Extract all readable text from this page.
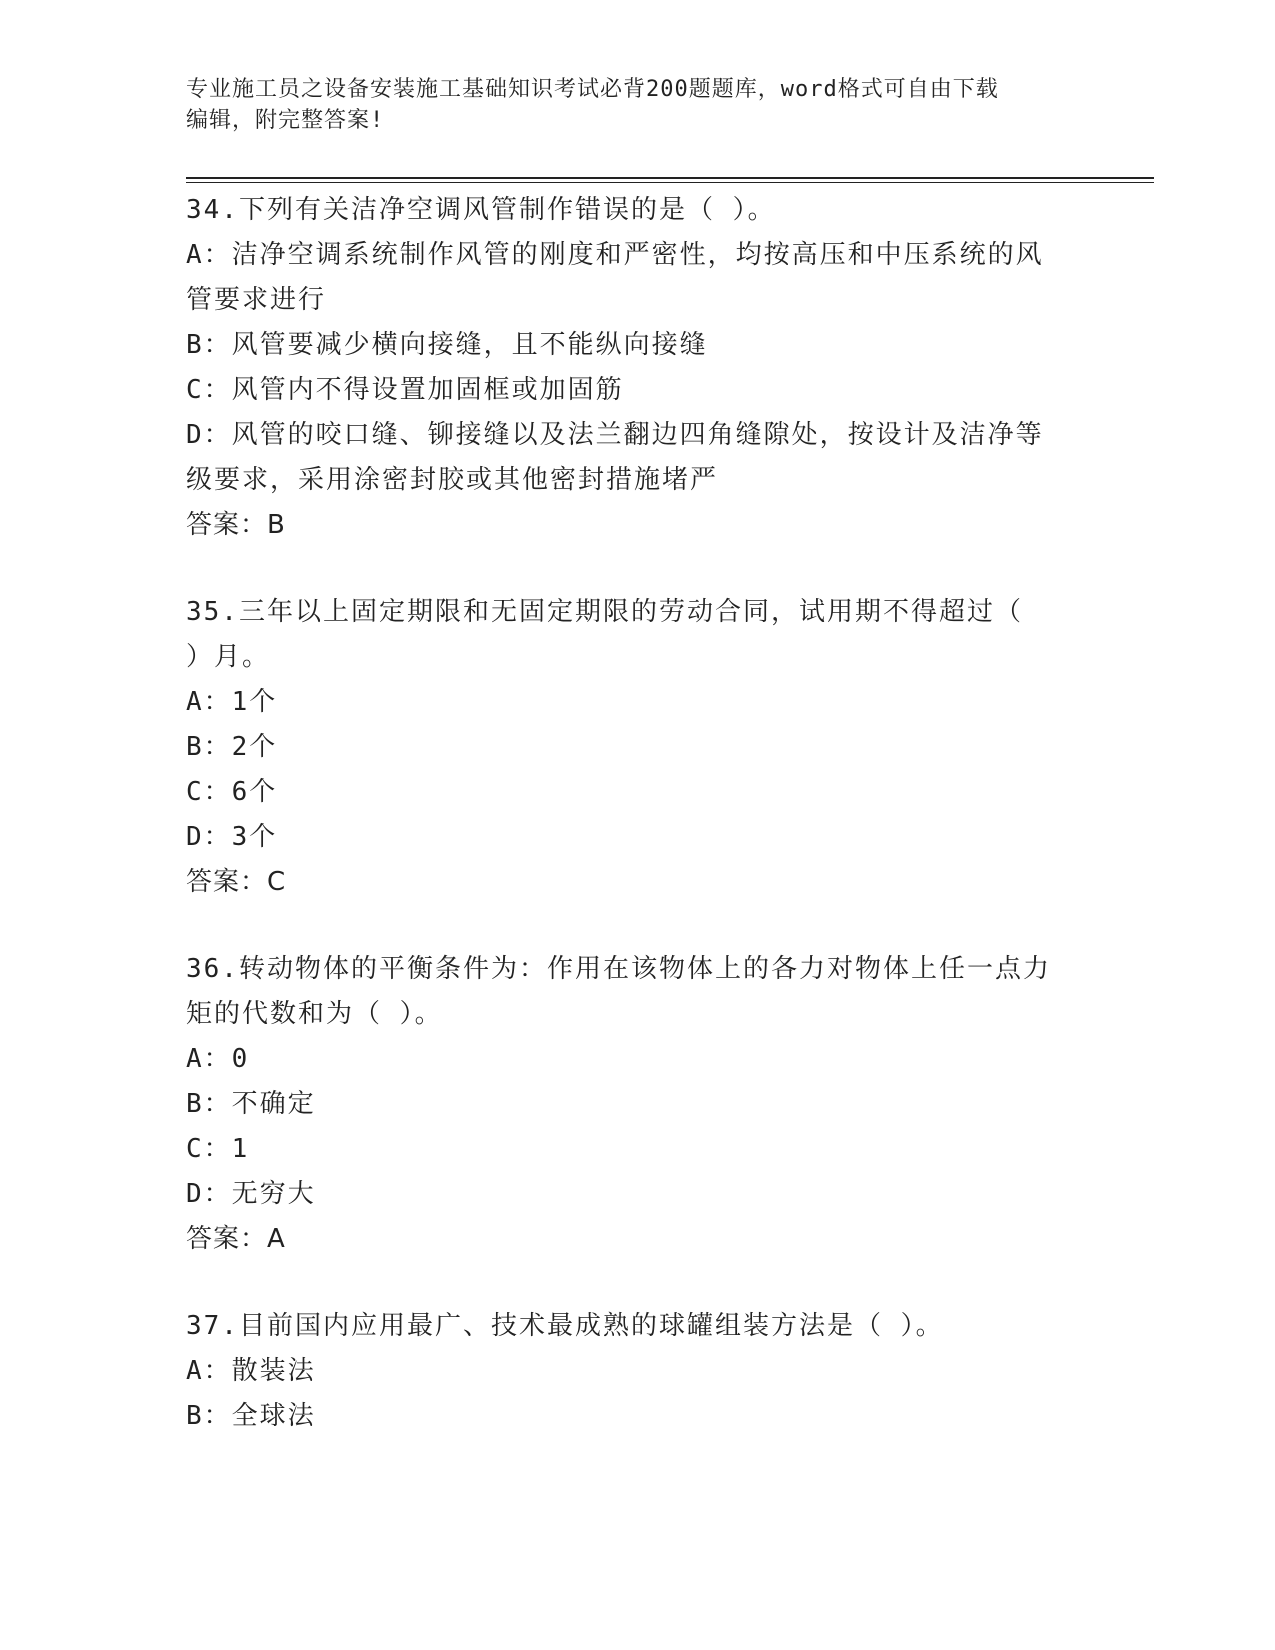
专业施工员之设备安装施工基础知识考试必背200题题库，word格式可自由下载
编辑，附完整答案!
34.下列有关洁净空调风管制作错误的是（ ）。
A：洁净空调系统制作风管的刚度和严密性，均按高压和中压系统的风
管要求进行
B：风管要减少横向接缝，且不能纵向接缝
C：风管内不得设置加固框或加固筋
D：风管的咬口缝、铆接缝以及法兰翻边四角缝隙处，按设计及洁净等
级要求，采用涂密封胶或其他密封措施堵严
答案：B
35.三年以上固定期限和无固定期限的劳动合同，试用期不得超过（
）月。
A：1个
B：2个
C：6个
D：3个
答案：C
36.转动物体的平衡条件为：作用在该物体上的各力对物体上任一点力
矩的代数和为（ ）。
A：0
B：不确定
C：1
D：无穷大
答案：A
37.目前国内应用最广、技术最成熟的球罐组装方法是（ ）。
A：散装法
B：全球法
